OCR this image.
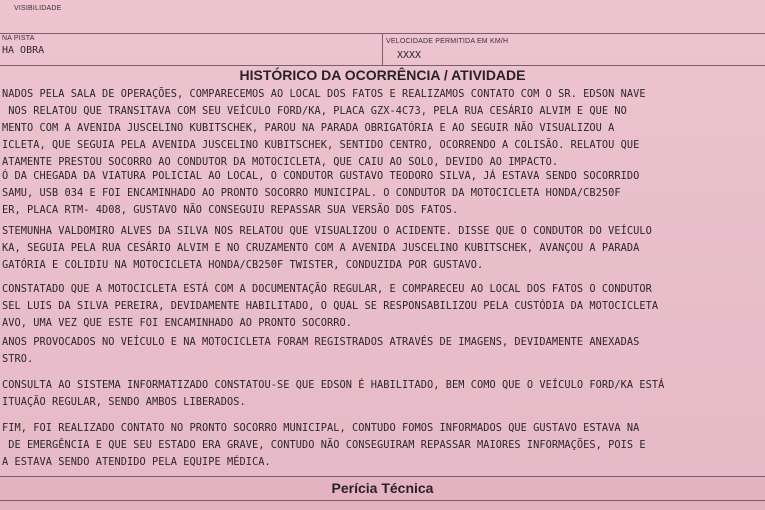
VISIBILIDADE
NA PISTA
HA OBRA
VELOCIDADE PERMITIDA EM KM/H
XXXX
HISTÓRICO DA OCORRÊNCIA / ATIVIDADE
NADOS PELA SALA DE OPERAÇÕES, COMPARECEMOS AO LOCAL DOS FATOS E REALIZAMOS CONTATO COM O SR. EDSON NAVE
NOS RELATOU QUE TRANSITAVA COM SEU VEÍCULO FORD/KA, PLACA GZX-4C73, PELA RUA CESÁRIO ALVIM E QUE NO
MENTO COM A AVENIDA JUSCELINO KUBITSCHEK, PAROU NA PARADA OBRIGATÓRIA E AO SEGUIR NÃO VISUALIZOU A
ICLETA, QUE SEGUIA PELA AVENIDA JUSCELINO KUBITSCHEK, SENTIDO CENTRO, OCORRENDO A COLISÃO. RELATOU QUE
ATAMENTE PRESTOU SOCORRO AO CONDUTOR DA MOTOCICLETA, QUE CAIU AO SOLO, DEVIDO AO IMPACTO.
Ó DA CHEGADA DA VIATURA POLICIAL AO LOCAL, O CONDUTOR GUSTAVO TEODORO SILVA, JÁ ESTAVA SENDO SOCORRIDO
SAMU, USB 034 E FOI ENCAMINHADO AO PRONTO SOCORRO MUNICIPAL. O CONDUTOR DA MOTOCICLETA HONDA/CB250F
ER, PLACA RTM- 4D08, GUSTAVO NÃO CONSEGUIU REPASSAR SUA VERSÃO DOS FATOS.
STEMUNHA VALDOMIRO ALVES DA SILVA NOS RELATOU QUE VISUALIZOU O ACIDENTE. DISSE QUE O CONDUTOR DO VEÍCULO
KA, SEGUIA PELA RUA CESÁRIO ALVIM E NO CRUZAMENTO COM A AVENIDA JUSCELINO KUBITSCHEK, AVANÇOU A PARADA
GATÓRIA E COLIDIU NA MOTOCICLETA HONDA/CB250F TWISTER, CONDUZIDA POR GUSTAVO.
CONSTATADO QUE A MOTOCICLETA ESTÁ COM A DOCUMENTAÇÃO REGULAR, E COMPARECEU AO LOCAL DOS FATOS O CONDUTOR
SEL LUIS DA SILVA PEREIRA, DEVIDAMENTE HABILITADO, O QUAL SE RESPONSABILIZOU PELA CUSTÓDIA DA MOTOCICLETA
AVO, UMA VEZ QUE ESTE FOI ENCAMINHADO AO PRONTO SOCORRO.
ANOS PROVOCADOS NO VEÍCULO E NA MOTOCICLETA FORAM REGISTRADOS ATRAVÉS DE IMAGENS, DEVIDAMENTE ANEXADAS
STRO.
CONSULTA AO SISTEMA INFORMATIZADO CONSTATOU-SE QUE EDSON É HABILITADO, BEM COMO QUE O VEÍCULO FORD/KA ESTÁ
ITUAÇÃO REGULAR, SENDO AMBOS LIBERADOS.
FIM, FOI REALIZADO CONTATO NO PRONTO SOCORRO MUNICIPAL, CONTUDO FOMOS INFORMADOS QUE GUSTAVO ESTAVA NA
DE EMERGÊNCIA E QUE SEU ESTADO ERA GRAVE, CONTUDO NÃO CONSEGUIRAM REPASSAR MAIORES INFORMAÇÕES, POIS E
A ESTAVA SENDO ATENDIDO PELA EQUIPE MÉDICA.
Perícia Técnica
